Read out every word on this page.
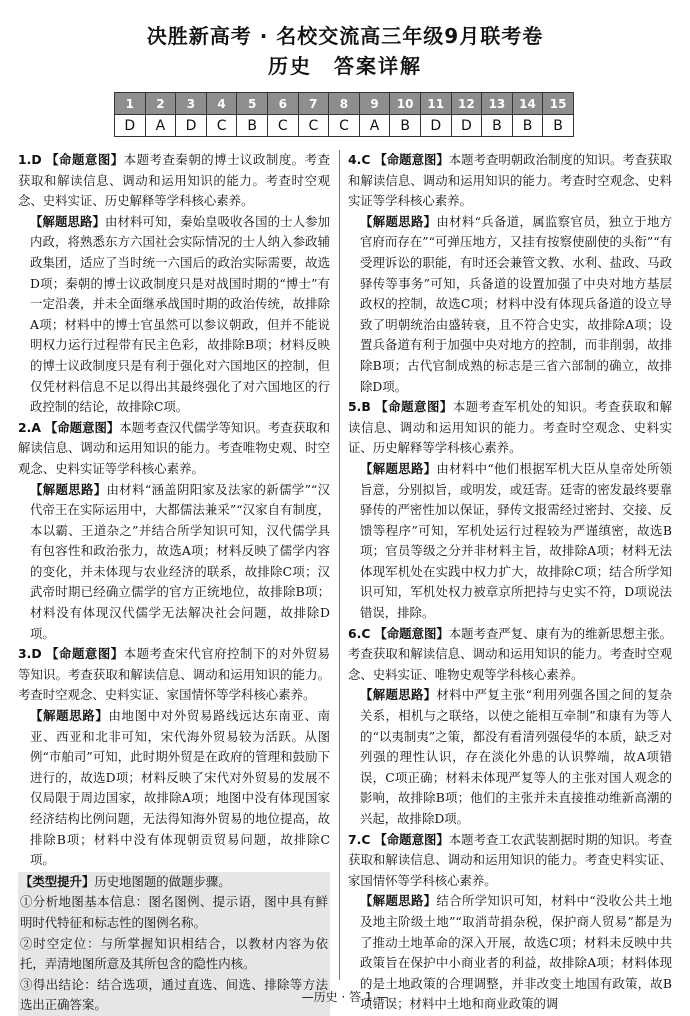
决胜新高考 · 名校交流高三年级9月联考卷
历史 答案详解
1	2	3	4	5	6	7	8	9	10	11	12	13	14	15
D	A	D	C	B	C	C	C	A	B	D	D	B	B	B

1.D 【命题意图】本题考查秦朝的博士议政制度。考查获取和解读信息、调动和运用知识的能力。考查时空观念、史料实证、历史解释等学科核心素养。

【解题思路】由材料可知，秦始皇吸收各国的士人参加内政，将熟悉东方六国社会实际情况的士人纳入参政辅政集团，适应了当时统一六国后的政治实际需要，故选D项；秦朝的博士议政制度只是对战国时期的“博士”有一定沿袭，并未全面继承战国时期的政治传统，故排除A项；材料中的博士官虽然可以参议朝政，但并不能说明权力运行过程带有民主色彩，故排除B项；材料反映的博士议政制度只是有利于强化对六国地区的控制，但仅凭材料信息不足以得出其最终强化了对六国地区的行政控制的结论，故排除C项。

2.A 【命题意图】本题考查汉代儒学等知识。考查获取和解读信息、调动和运用知识的能力。考查唯物史观、时空观念、史料实证等学科核心素养。

【解题思路】由材料“涵盖阴阳家及法家的新儒学”“汉代帝王在实际运用中，大都儒法兼采”“汉家自有制度，本以霸、王道杂之”并结合所学知识可知，汉代儒学具有包容性和政治张力，故选A项；材料反映了儒学内容的变化，并未体现与农业经济的联系，故排除C项；汉武帝时期已经确立儒学的官方正统地位，故排除B项；材料没有体现汉代儒学无法解决社会问题，故排除D项。

3.D 【命题意图】本题考查宋代官府控制下的对外贸易等知识。考查获取和解读信息、调动和运用知识的能力。考查时空观念、史料实证、家国情怀等学科核心素养。

【解题思路】由地图中对外贸易路线远达东南亚、南亚、西亚和北非可知，宋代海外贸易较为活跃。从图例“市舶司”可知，此时期外贸是在政府的管理和鼓励下进行的，故选D项；材料反映了宋代对外贸易的发展不仅局限于周边国家，故排除A项；地图中没有体现国家经济结构比例问题，无法得知海外贸易的地位提高，故排除B项；材料中没有体现朝贡贸易问题，故排除C项。

【类型提升】历史地图题的做题步骤。

①分析地图基本信息：图名图例、提示语，图中具有鲜明时代特征和标志性的图例名称。

②时空定位：与所掌握知识相结合，以教材内容为依托，弄清地图所意及其所包含的隐性内核。

③得出结论：结合选项，通过直选、间选、排除等方法选出正确答案。

4.C 【命题意图】本题考查明朝政治制度的知识。考查获取和解读信息、调动和运用知识的能力。考查时空观念、史料实证等学科核心素养。

【解题思路】由材料“兵备道，属监察官员，独立于地方官府而存在”“可弹压地方，又挂有按察使副使的头衔”“有受理诉讼的职能，有时还会兼管文教、水利、盐政、马政驿传等事务”可知，兵备道的设置加强了中央对地方基层政权的控制，故选C项；材料中没有体现兵备道的设立导致了明朝统治由盛转衰，且不符合史实，故排除A项；设置兵备道有利于加强中央对地方的控制，而非削弱，故排除B项；古代官制成熟的标志是三省六部制的确立，故排除D项。

5.B 【命题意图】本题考查军机处的知识。考查获取和解读信息、调动和运用知识的能力。考查时空观念、史料实证、历史解释等学科核心素养。

【解题思路】由材料中“他们根据军机大臣从皇帝处所领旨意，分别拟旨，或明发，或廷寄。廷寄的密发最终要靠驿传的严密性加以保证，驿传文报需经过密封、交接、反馈等程序”可知，军机处运行过程较为严谨缜密，故选B项；官员等级之分并非材料主旨，故排除A项；材料无法体现军机处在实践中权力扩大，故排除C项；结合所学知识可知，军机处权力被章京所把持与史实不符，D项说法错误，排除。

6.C 【命题意图】本题考查严复、康有为的维新思想主张。考查获取和解读信息、调动和运用知识的能力。考查时空观念、史料实证、唯物史观等学科核心素养。

【解题思路】材料中严复主张“利用列强各国之间的复杂关系，相机与之联络，以使之能相互牵制”和康有为等人的“以夷制夷”之策，都没有看清列强侵华的本质，缺乏对列强的理性认识，存在淡化外患的认识弊端，故A项错误，C项正确；材料未体现严复等人的主张对国人观念的影响，故排除B项；他们的主张并未直接推动维新高潮的兴起，故排除D项。

7.C 【命题意图】本题考查工农武装割据时期的知识。考查获取和解读信息、调动和运用知识的能力。考查史料实证、家国情怀等学科核心素养。

【解题思路】结合所学知识可知，材料中“没收公共土地及地主阶级土地”“取消苛捐杂税，保护商人贸易”都是为了推动土地革命的深入开展，故选C项；材料未反映中共政策旨在保护中小商业者的利益，故排除A项；材料体现的是土地政策的合理调整，并非改变土地国有政策，故B项错误；材料中土地和商业政策的调

—历史 · 答 1 —
